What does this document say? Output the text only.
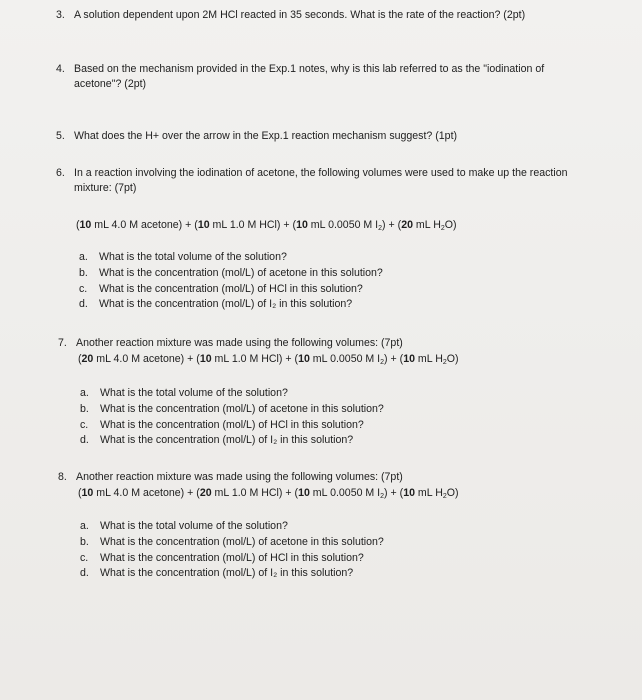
3. A solution dependent upon 2M HCl reacted in 35 seconds. What is the rate of the reaction? (2pt)
4. Based on the mechanism provided in the Exp.1 notes, why is this lab referred to as the "iodination of acetone"? (2pt)
5. What does the H+ over the arrow in the Exp.1 reaction mechanism suggest? (1pt)
6. In a reaction involving the iodination of acetone, the following volumes were used to make up the reaction mixture: (7pt)
(10 mL 4.0 M acetone) + (10 mL 1.0 M HCl) + (10 mL 0.0050 M $I_2) + (20$ mL $H_2O$)
a. What is the total volume of the solution?
b. What is the concentration (mol/L) of acetone in this solution?
c. What is the concentration (mol/L) of HCl in this solution?
d. What is the concentration (mol/L) of I₂ in this solution?
7. Another reaction mixture was made using the following volumes: (7pt)
(20 mL 4.0 M acetone) + (10 mL 1.0 M HCl) + (10 mL 0.0050 M $I_2) + (10$ mL $H_2O$)
a. What is the total volume of the solution?
b. What is the concentration (mol/L) of acetone in this solution?
c. What is the concentration (mol/L) of HCl in this solution?
d. What is the concentration (mol/L) of I₂ in this solution?
8. Another reaction mixture was made using the following volumes: (7pt)
(10 mL 4.0 M acetone) + (20 mL 1.0 M HCl) + (10 mL 0.0050 M $I_2) + (10$ mL $H_2O$)
a. What is the total volume of the solution?
b. What is the concentration (mol/L) of acetone in this solution?
c. What is the concentration (mol/L) of HCl in this solution?
d. What is the concentration (mol/L) of I₂ in this solution?
